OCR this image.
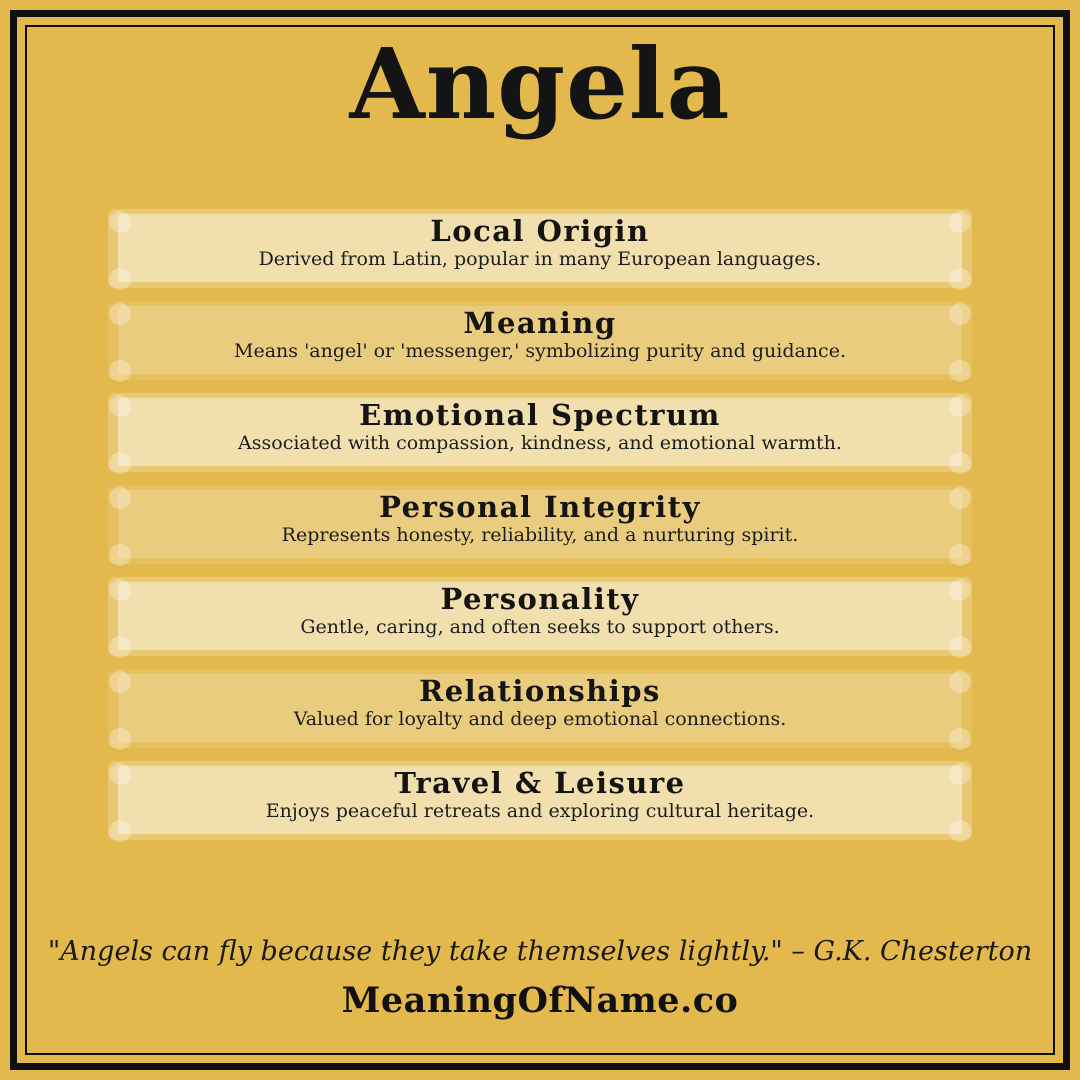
Angela
Local Origin
Derived from Latin, popular in many European languages.
Meaning
Means 'angel' or 'messenger,' symbolizing purity and guidance.
Emotional Spectrum
Associated with compassion, kindness, and emotional warmth.
Personal Integrity
Represents honesty, reliability, and a nurturing spirit.
Personality
Gentle, caring, and often seeks to support others.
Relationships
Valued for loyalty and deep emotional connections.
Travel & Leisure
Enjoys peaceful retreats and exploring cultural heritage.
"Angels can fly because they take themselves lightly." – G.K. Chesterton
MeaningOfName.co
